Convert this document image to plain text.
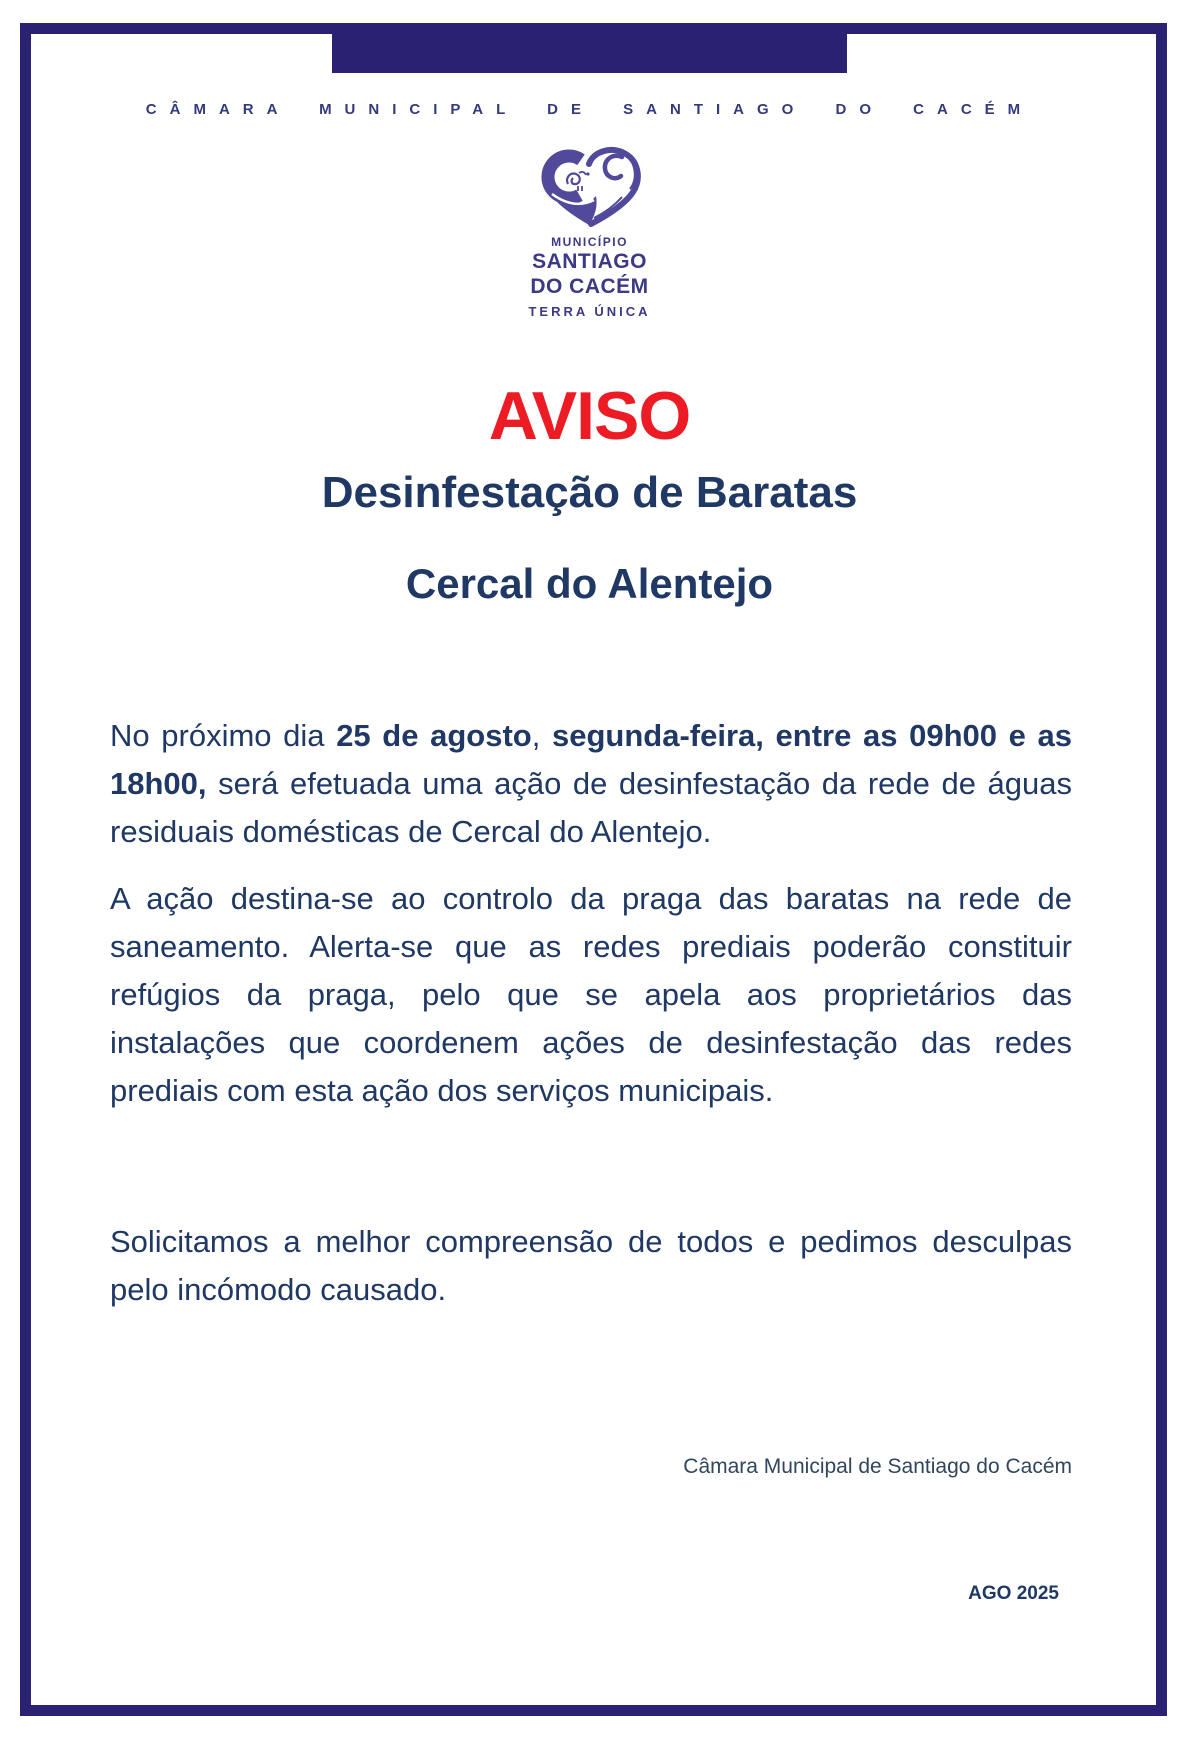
CÂMARA MUNICIPAL DE SANTIAGO DO CACÉM
MUNICÍPIO
SANTIAGO
DO CACÉM
TERRA ÚNICA
AVISO
Desinfestação de Baratas
Cercal do Alentejo
No próximo dia 25 de agosto, segunda-feira, entre as 09h00 e as
18h00, será efetuada uma ação de desinfestação da rede de águas
residuais domésticas de Cercal do Alentejo.
A ação destina-se ao controlo da praga das baratas na rede de
saneamento. Alerta-se que as redes prediais poderão constituir
refúgios da praga, pelo que se apela aos proprietários das
instalações que coordenem ações de desinfestação das redes
prediais com esta ação dos serviços municipais.
Solicitamos a melhor compreensão de todos e pedimos desculpas
pelo incómodo causado.
Câmara Municipal de Santiago do Cacém
AGO 2025
